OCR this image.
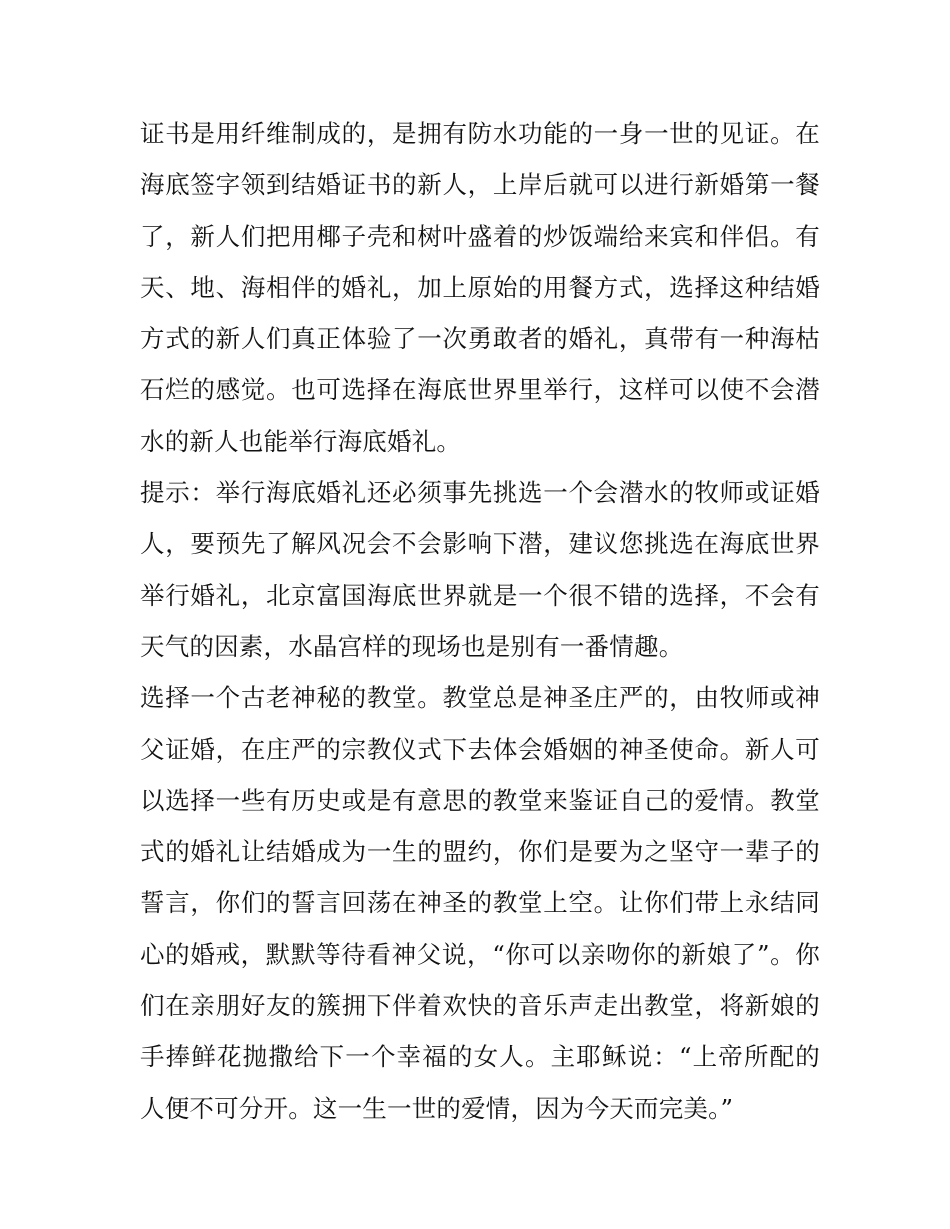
证书是用纤维制成的，是拥有防水功能的一身一世的见证。在
海底签字领到结婚证书的新人，上岸后就可以进行新婚第一餐
了，新人们把用椰子壳和树叶盛着的炒饭端给来宾和伴侣。有
天、地、海相伴的婚礼，加上原始的用餐方式，选择这种结婚
方式的新人们真正体验了一次勇敢者的婚礼，真带有一种海枯
石烂的感觉。也可选择在海底世界里举行，这样可以使不会潜
水的新人也能举行海底婚礼。
提示：举行海底婚礼还必须事先挑选一个会潜水的牧师或证婚
人，要预先了解风况会不会影响下潜，建议您挑选在海底世界
举行婚礼，北京富国海底世界就是一个很不错的选择，不会有
天气的因素，水晶宫样的现场也是别有一番情趣。
选择一个古老神秘的教堂。教堂总是神圣庄严的，由牧师或神
父证婚，在庄严的宗教仪式下去体会婚姻的神圣使命。新人可
以选择一些有历史或是有意思的教堂来鉴证自己的爱情。教堂
式的婚礼让结婚成为一生的盟约，你们是要为之坚守一辈子的
誓言，你们的誓言回荡在神圣的教堂上空。让你们带上永结同
心的婚戒，默默等待看神父说，“你可以亲吻你的新娘了”。你
们在亲朋好友的簇拥下伴着欢快的音乐声走出教堂，将新娘的
手捧鲜花抛撒给下一个幸福的女人。主耶稣说：“上帝所配的
人便不可分开。这一生一世的爱情，因为今天而完美。”
